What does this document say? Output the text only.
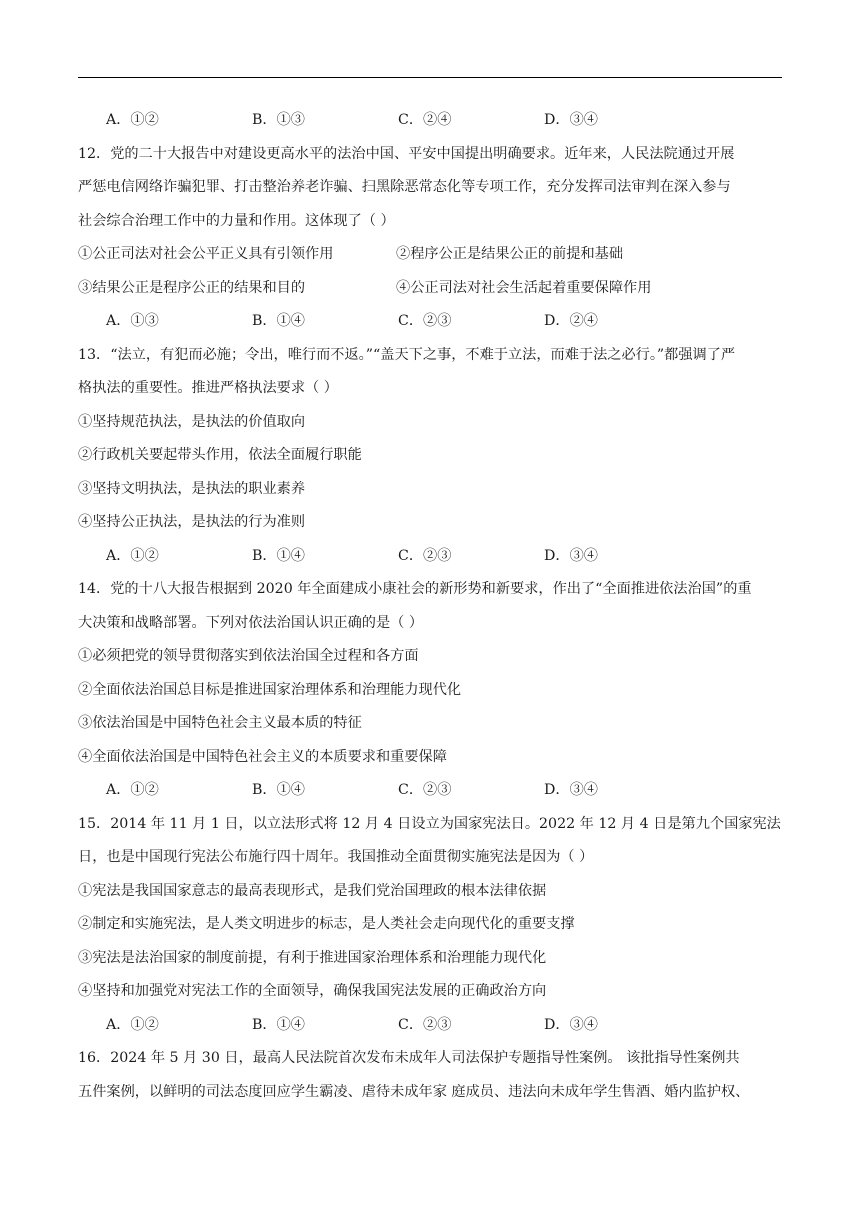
A．①②	B．①③	C．②④	D．③④
12．党的二十大报告中对建设更高水平的法治中国、平安中国提出明确要求。近年来，人民法院通过开展
严惩电信网络诈骗犯罪、打击整治养老诈骗、扫黑除恶常态化等专项工作，充分发挥司法审判在深入参与
社会综合治理工作中的力量和作用。这体现了（ ）
①公正司法对社会公平正义具有引领作用	②程序公正是结果公正的前提和基础
③结果公正是程序公正的结果和目的	④公正司法对社会生活起着重要保障作用
A．①③	B．①④	C．②③	D．②④
13．“法立，有犯而必施；令出，唯行而不返。”“盖天下之事，不难于立法，而难于法之必行。”都强调了严
格执法的重要性。推进严格执法要求（ ）
①坚持规范执法，是执法的价值取向
②行政机关要起带头作用，依法全面履行职能
③坚持文明执法，是执法的职业素养
④坚持公正执法，是执法的行为准则
A．①②	B．①④	C．②③	D．③④
14．党的十八大报告根据到 2020 年全面建成小康社会的新形势和新要求，作出了“全面推进依法治国”的重
大决策和战略部署。下列对依法治国认识正确的是（ ）
①必须把党的领导贯彻落实到依法治国全过程和各方面
②全面依法治国总目标是推进国家治理体系和治理能力现代化
③依法治国是中国特色社会主义最本质的特征
④全面依法治国是中国特色社会主义的本质要求和重要保障
A．①②	B．①④	C．②③	D．③④
15．2014 年 11 月 1 日，以立法形式将 12 月 4 日设立为国家宪法日。2022 年 12 月 4 日是第九个国家宪法
日，也是中国现行宪法公布施行四十周年。我国推动全面贯彻实施宪法是因为（ ）
①宪法是我国国家意志的最高表现形式，是我们党治国理政的根本法律依据
②制定和实施宪法，是人类文明进步的标志，是人类社会走向现代化的重要支撑
③宪法是法治国家的制度前提，有利于推进国家治理体系和治理能力现代化
④坚持和加强党对宪法工作的全面领导，确保我国宪法发展的正确政治方向
A．①②	B．①④	C．②③	D．③④
16．2024 年 5 月 30 日，最高人民法院首次发布未成年人司法保护专题指导性案例。 该批指导性案例共
五件案例，以鲜明的司法态度回应学生霸凌、虐待未成年家 庭成员、违法向未成年学生售酒、婚内监护权、
